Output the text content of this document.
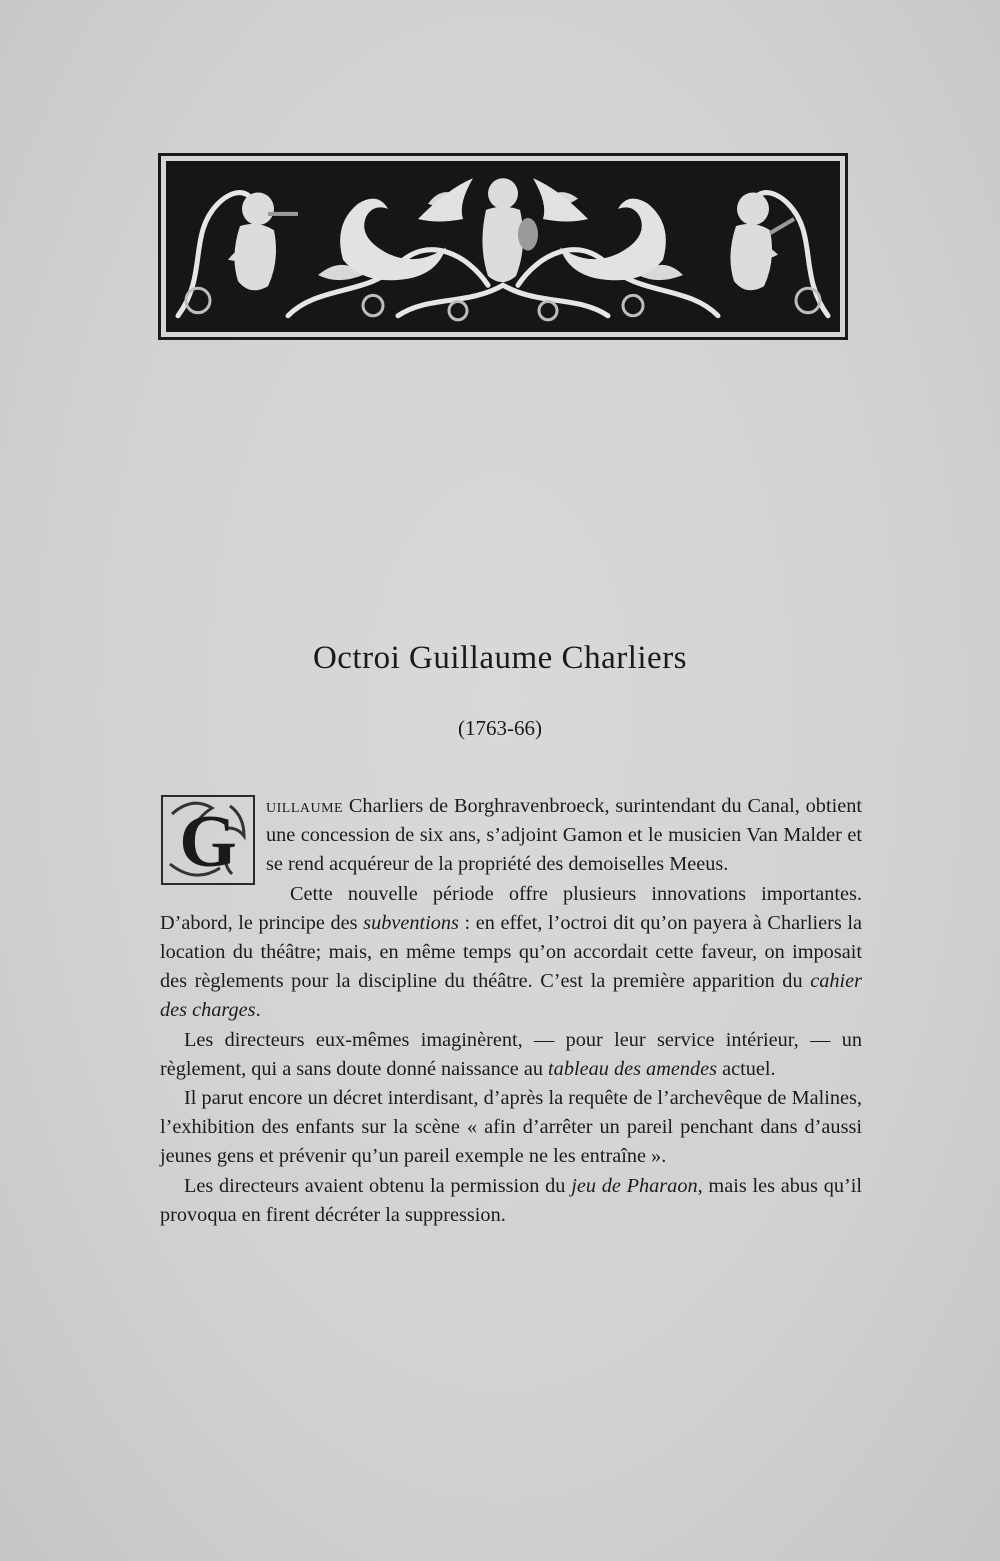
Octroi Guillaume Charliers
(1763-66)

G uillaume Charliers de Borghravenbroeck, surintendant du Canal, obtient une concession de six ans, s’adjoint Gamon et le musicien Van Malder et se rend acquéreur de la propriété des demoiselles Meeus.

Cette nouvelle période offre plusieurs innovations importantes. D’abord, le principe des subventions : en effet, l’octroi dit qu’on payera à Charliers la location du théâtre; mais, en même temps qu’on accordait cette faveur, on imposait des règlements pour la discipline du théâtre. C’est la première apparition du cahier des charges.

Les directeurs eux-mêmes imaginèrent, — pour leur service intérieur, — un règlement, qui a sans doute donné naissance au tableau des amendes actuel.

Il parut encore un décret interdisant, d’après la requête de l’archevêque de Malines, l’exhibition des enfants sur la scène « afin d’arrêter un pareil penchant dans d’aussi jeunes gens et prévenir qu’un pareil exemple ne les entraîne ».

Les directeurs avaient obtenu la permission du jeu de Pharaon, mais les abus qu’il provoqua en firent décréter la suppression.
